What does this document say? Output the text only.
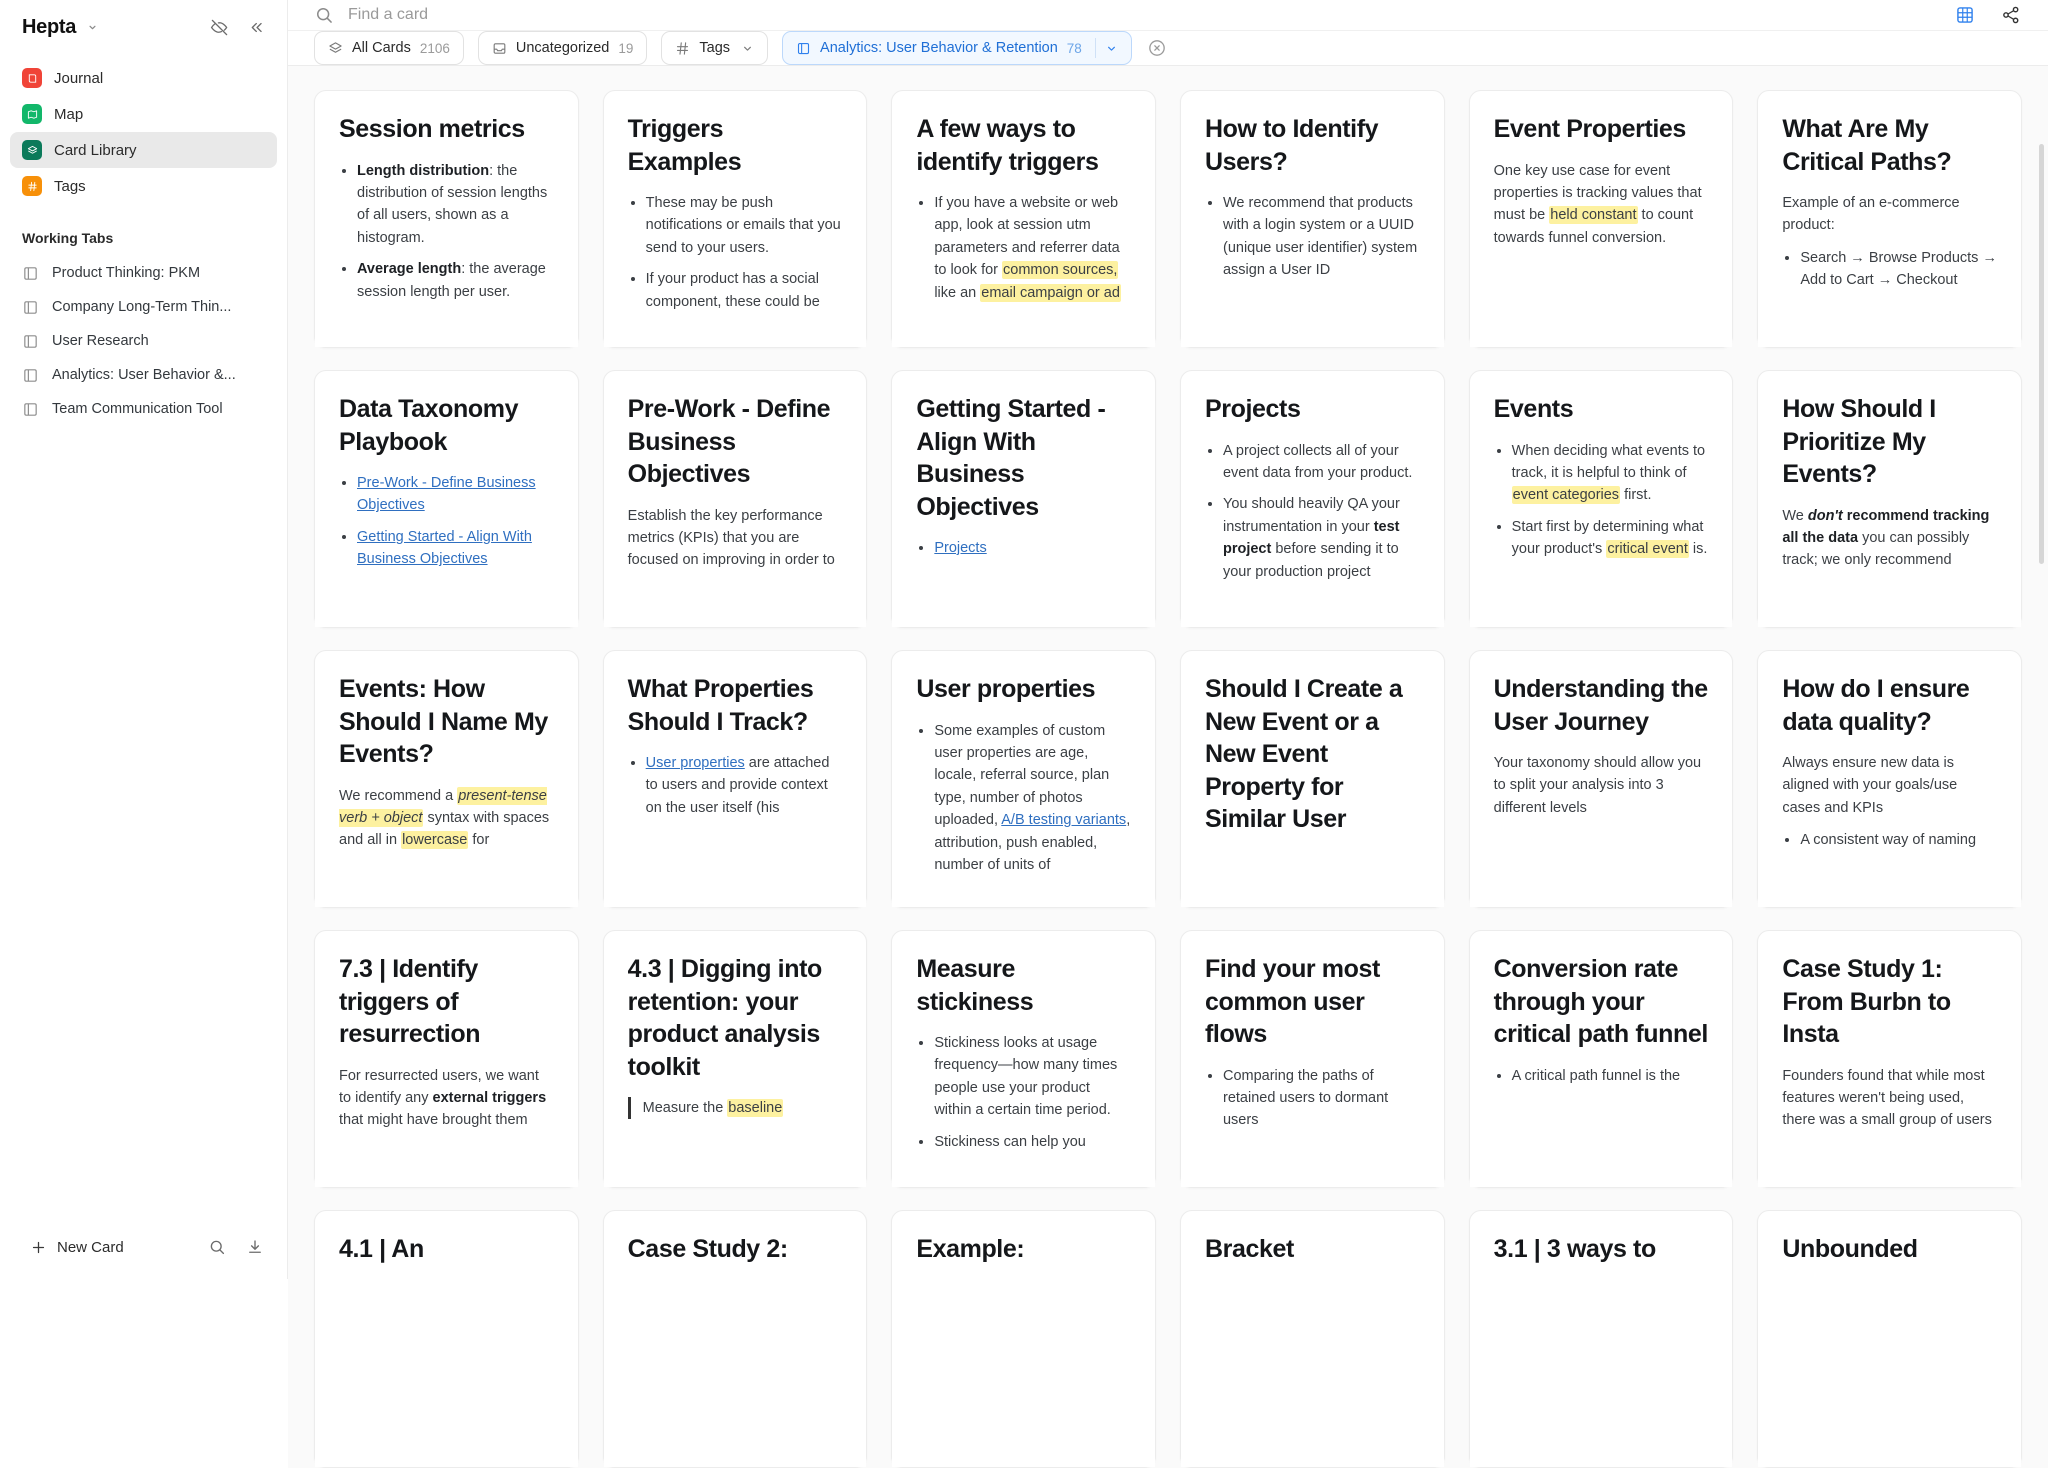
Hepta
Journal
Map
Card Library
Tags
Working Tabs
Product Thinking: PKM
Company Long-Term Thin...
User Research
Analytics: User Behavior &...
Team Communication Tool
New Card
Find a card
All Cards 2106	Uncategorized 19	Tags	Analytics: User Behavior & Retention 78
Session metrics
• Length distribution: the distribution of session lengths of all users, shown as a histogram.
• Average length: the average session length per user.
Triggers Examples
• These may be push notifications or emails that you send to your users.
• If your product has a social component, these could be
A few ways to identify triggers
• If you have a website or web app, look at session utm parameters and referrer data to look for common sources, like an email campaign or ad
How to Identify Users?
• We recommend that products with a login system or a UUID (unique user identifier) system assign a User ID
Event Properties

One key use case for event properties is tracking values that must be held constant to count towards funnel conversion.

What Are My Critical Paths?

Example of an e-commerce product:

• Search → Browse Products → Add to Cart → Checkout
Data Taxonomy Playbook
• Pre-Work - Define Business Objectives
• Getting Started - Align With Business Objectives
Pre-Work - Define Business Objectives

Establish the key performance metrics (KPIs) that you are focused on improving in order to

Getting Started - Align With Business Objectives
• Projects
Projects
• A project collects all of your event data from your product.
• You should heavily QA your instrumentation in your test project before sending it to your production project
Events
• When deciding what events to track, it is helpful to think of event categories first.
• Start first by determining what your product's critical event is.
How Should I Prioritize My Events?

We don't recommend tracking all the data you can possibly track; we only recommend

Events: How Should I Name My Events?

We recommend a present-tense verb + object syntax with spaces and all in lowercase for

What Properties Should I Track?
• User properties are attached to users and provide context on the user itself (his
User properties
• Some examples of custom user properties are age, locale, referral source, plan type, number of photos uploaded, A/B testing variants, attribution, push enabled, number of units of
Should I Create a New Event or a New Event Property for Similar User
Understanding the User Journey

Your taxonomy should allow you to split your analysis into 3 different levels

How do I ensure data quality?

Always ensure new data is aligned with your goals/use cases and KPIs

• A consistent way of naming
7.3 | Identify triggers of resurrection

For resurrected users, we want to identify any external triggers that might have brought them

4.3 | Digging into retention: your product analysis toolkit

Measure the baseline

Measure stickiness
• Stickiness looks at usage frequency—how many times people use your product within a certain time period.
• Stickiness can help you
Find your most common user flows
• Comparing the paths of retained users to dormant users
Conversion rate through your critical path funnel
• A critical path funnel is the
Case Study 1: From Burbn to Insta

Founders found that while most features weren't being used, there was a small group of users

4.1 | An	Case Study 2:	Example:	Bracket	3.1 | 3 ways to	Unbounded
